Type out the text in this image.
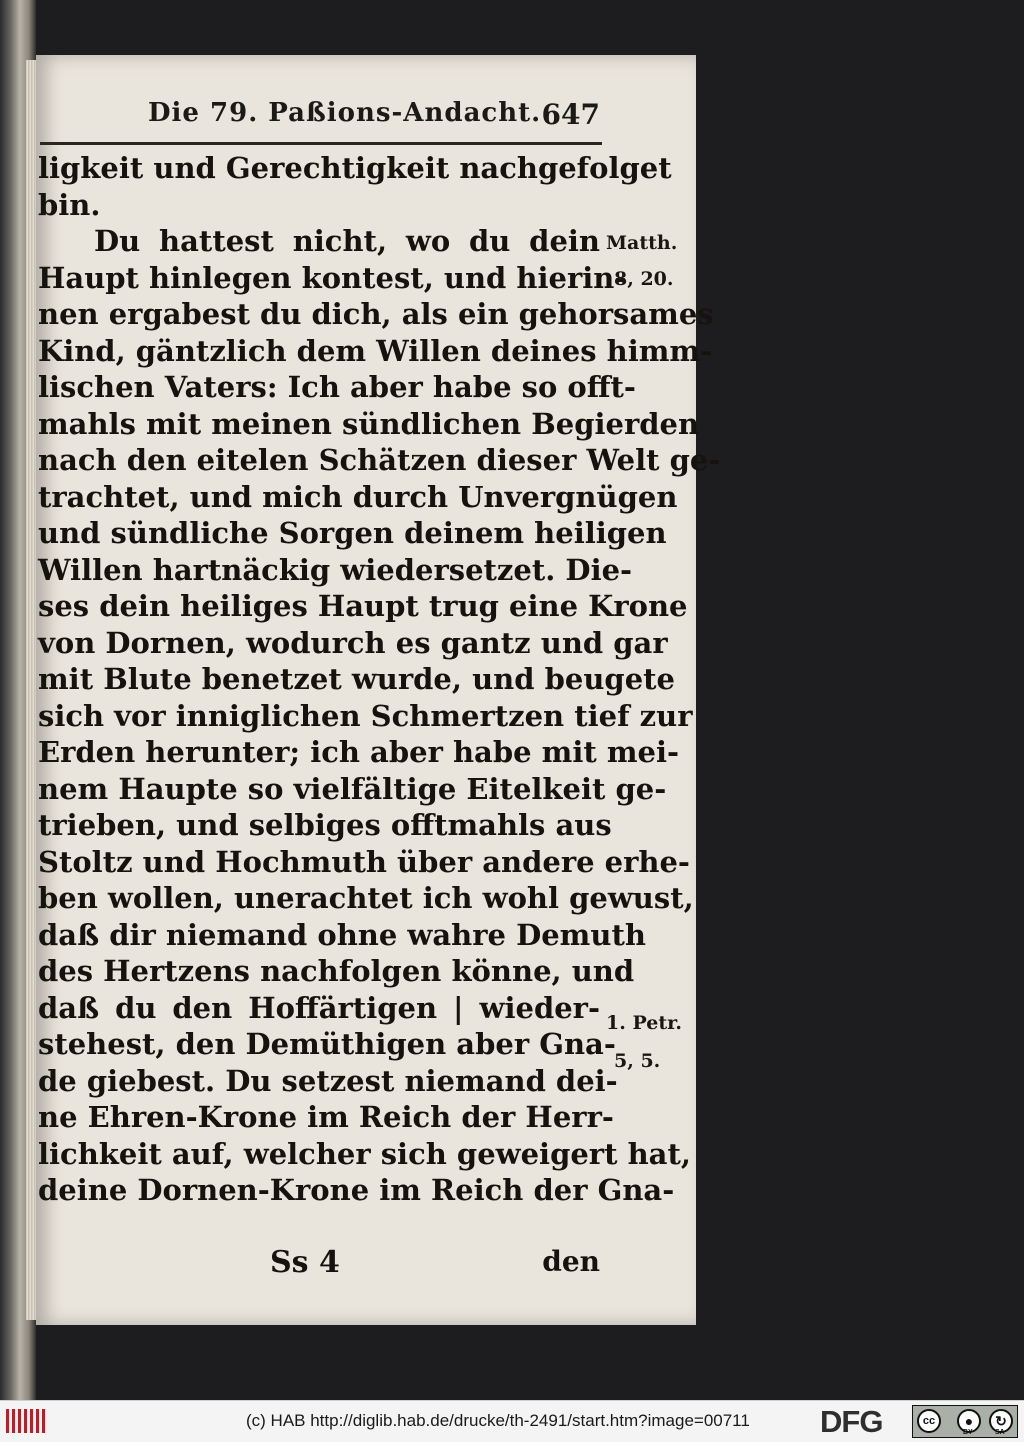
Die 79. Paßions-Andacht. 647
ligkeit und Gerechtigkeit nachgefolget
bin.
Du hattest nicht, wo du dein
Haupt hinlegen kontest, und hierin-
nen ergabest du dich, als ein gehorsames
Kind, gäntzlich dem Willen deines himm-
lischen Vaters: Ich aber habe so offt-
mahls mit meinen sündlichen Begierden
nach den eitelen Schätzen dieser Welt ge-
trachtet, und mich durch Unvergnügen
und sündliche Sorgen deinem heiligen
Willen hartnäckig wiedersetzet. Die-
ses dein heiliges Haupt trug eine Krone
von Dornen, wodurch es gantz und gar
mit Blute benetzet wurde, und beugete
sich vor inniglichen Schmertzen tief zur
Erden herunter; ich aber habe mit mei-
nem Haupte so vielfältige Eitelkeit ge-
trieben, und selbiges offtmahls aus
Stoltz und Hochmuth über andere erhe-
ben wollen, unerachtet ich wohl gewust,
daß dir niemand ohne wahre Demuth
des Hertzens nachfolgen könne, und
daß du den Hoffärtigen | wieder-
stehest, den Demüthigen aber Gna-
de giebest. Du setzest niemand dei-
ne Ehren-Krone im Reich der Herr-
lichkeit auf, welcher sich geweigert hat,
deine Dornen-Krone im Reich der Gna-
Matth.
8, 20.
1. Petr.
5, 5.
Ss 4	den
(c) HAB http://diglib.hab.de/drucke/th-2491/start.htm?image=00711 DFG	cc	●	↻
BY	SA
